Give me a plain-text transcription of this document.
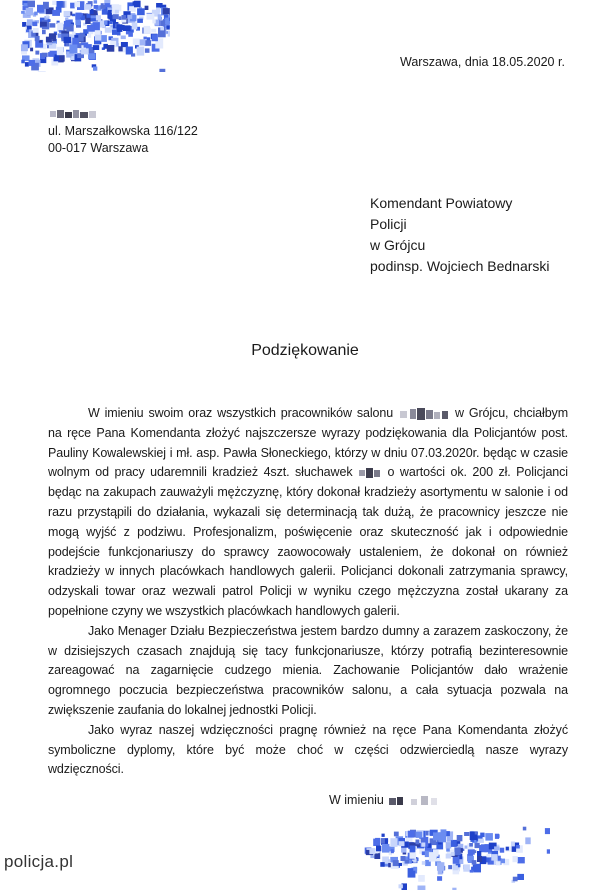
Warszawa, dnia 18.05.2020 r.
ul. Marszałkowska 116/122
00-017 Warszawa
Komendant Powiatowy
Policji
w Grójcu
podinsp. Wojciech Bednarski
Podziękowanie

W imieniu swoim oraz wszystkich pracowników salonu	w Grójcu, chciałbym na ręce Pana Komendanta złożyć najszczersze wyrazy podziękowania dla Policjantów post. Pauliny Kowalewskiej i mł. asp. Pawła Słoneckiego, którzy w dniu 07.03.2020r. będąc w czasie wolnym od pracy udaremnili kradzież 4szt. słuchawek	o wartości ok. 200 zł. Policjanci będąc na zakupach zauważyli mężczyznę, który dokonał kradzieży asortymentu w salonie i od razu przystąpili do działania, wykazali się determinacją tak dużą, że pracownicy jeszcze nie mogą wyjść z podziwu. Profesjonalizm, poświęcenie oraz skuteczność jak i odpowiednie podejście funkcjonariuszy do sprawcy zaowocowały ustaleniem, że dokonał on również kradzieży w innych placówkach handlowych galerii. Policjanci dokonali zatrzymania sprawcy, odzyskali towar oraz wezwali patrol Policji w wyniku czego mężczyzna został ukarany za popełnione czyny we wszystkich placówkach handlowych galerii.

Jako Menager Działu Bezpieczeństwa jestem bardzo dumny a zarazem zaskoczony, że w dzisiejszych czasach znajdują się tacy funkcjonariusze, którzy potrafią bezinteresownie zareagować na zagarnięcie cudzego mienia. Zachowanie Policjantów dało wrażenie ogromnego poczucia bezpieczeństwa pracowników salonu, a cała sytuacja pozwala na zwiększenie zaufania do lokalnej jednostki Policji.

Jako wyraz naszej wdzięczności pragnę również na ręce Pana Komendanta złożyć symboliczne dyplomy, które być może choć w części odzwierciedlą nasze wyrazy wdzięczności.

W imieniu
policja.pl
